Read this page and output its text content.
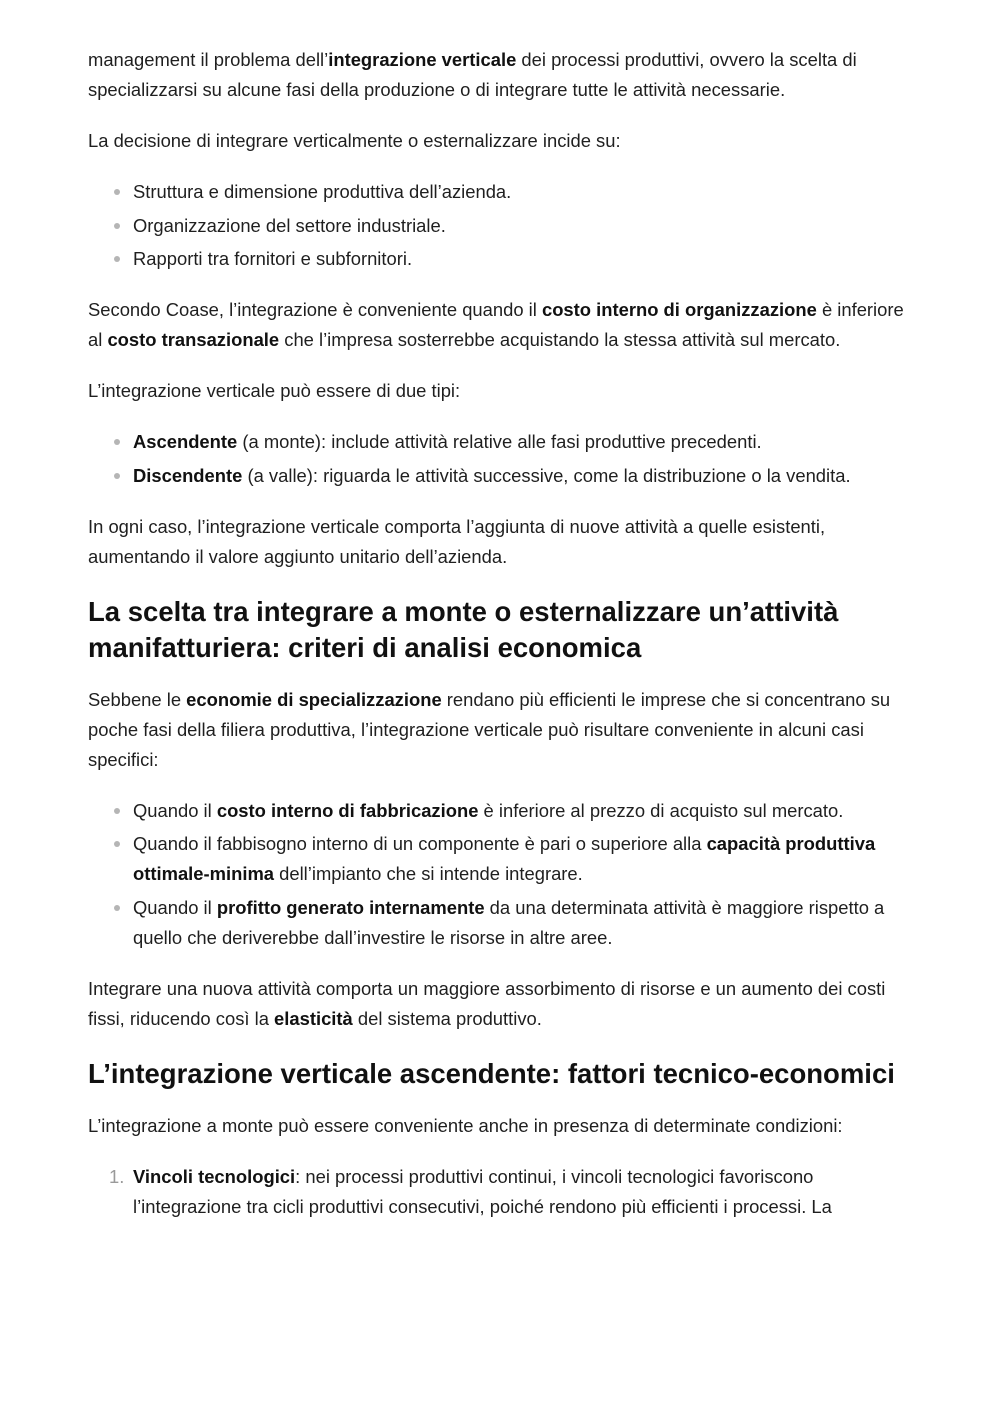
management il problema dell’integrazione verticale dei processi produttivi, ovvero la scelta di specializzarsi su alcune fasi della produzione o di integrare tutte le attività necessarie.

La decisione di integrare verticalmente o esternalizzare incide su:

Struttura e dimensione produttiva dell’azienda.
Organizzazione del settore industriale.
Rapporti tra fornitori e subfornitori.

Secondo Coase, l’integrazione è conveniente quando il costo interno di organizzazione è inferiore al costo transazionale che l’impresa sosterrebbe acquistando la stessa attività sul mercato.

L’integrazione verticale può essere di due tipi:

Ascendente (a monte): include attività relative alle fasi produttive precedenti.
Discendente (a valle): riguarda le attività successive, come la distribuzione o la vendita.

In ogni caso, l’integrazione verticale comporta l’aggiunta di nuove attività a quelle esistenti, aumentando il valore aggiunto unitario dell’azienda.

La scelta tra integrare a monte o esternalizzare un’attività manifatturiera: criteri di analisi economica

Sebbene le economie di specializzazione rendano più efficienti le imprese che si concentrano su poche fasi della filiera produttiva, l’integrazione verticale può risultare conveniente in alcuni casi specifici:

Quando il costo interno di fabbricazione è inferiore al prezzo di acquisto sul mercato.
Quando il fabbisogno interno di un componente è pari o superiore alla capacità produttiva ottimale-minima dell’impianto che si intende integrare.
Quando il profitto generato internamente da una determinata attività è maggiore rispetto a quello che deriverebbe dall’investire le risorse in altre aree.

Integrare una nuova attività comporta un maggiore assorbimento di risorse e un aumento dei costi fissi, riducendo così la elasticità del sistema produttivo.

L’integrazione verticale ascendente: fattori tecnico-economici

L’integrazione a monte può essere conveniente anche in presenza di determinate condizioni:

1. Vincoli tecnologici: nei processi produttivi continui, i vincoli tecnologici favoriscono l’integrazione tra cicli produttivi consecutivi, poiché rendono più efficienti i processi. La
